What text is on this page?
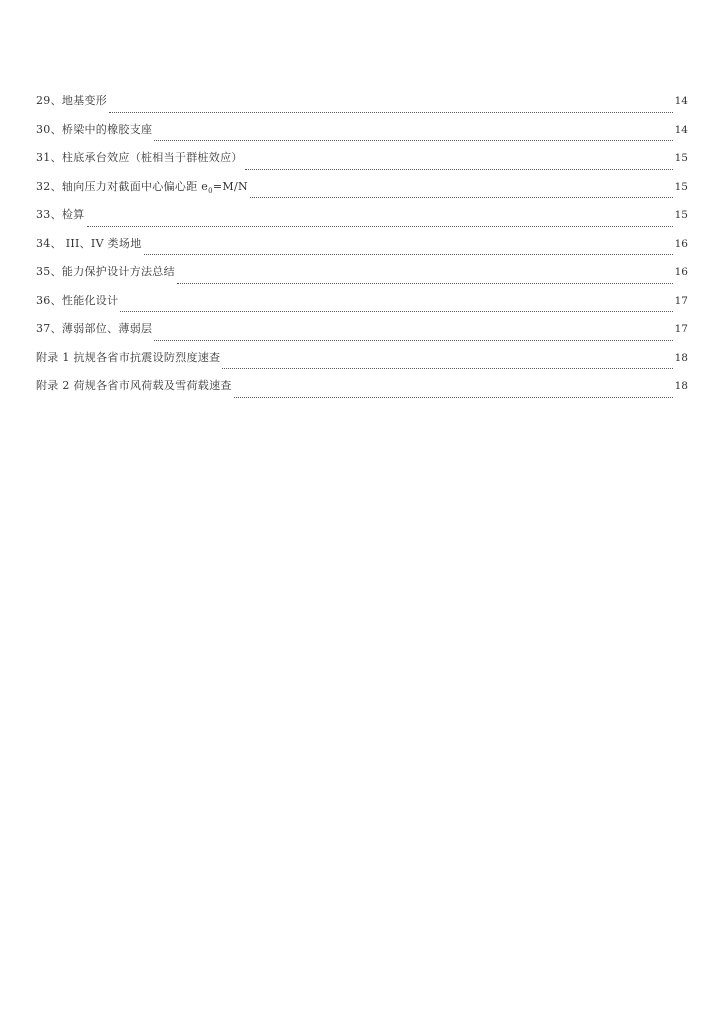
29、地基变形	14
30、桥梁中的橡胶支座	14
31、柱底承台效应（桩相当于群桩效应）	15
32、轴向压力对截面中心偏心距 $e_0=M/N$	15
33、检算	15
34、 III、IV 类场地	16
35、能力保护设计方法总结	16
36、性能化设计	17
37、薄弱部位、薄弱层	17
附录 1 抗规各省市抗震设防烈度速查	18
附录 2 荷规各省市风荷载及雪荷载速查	18
